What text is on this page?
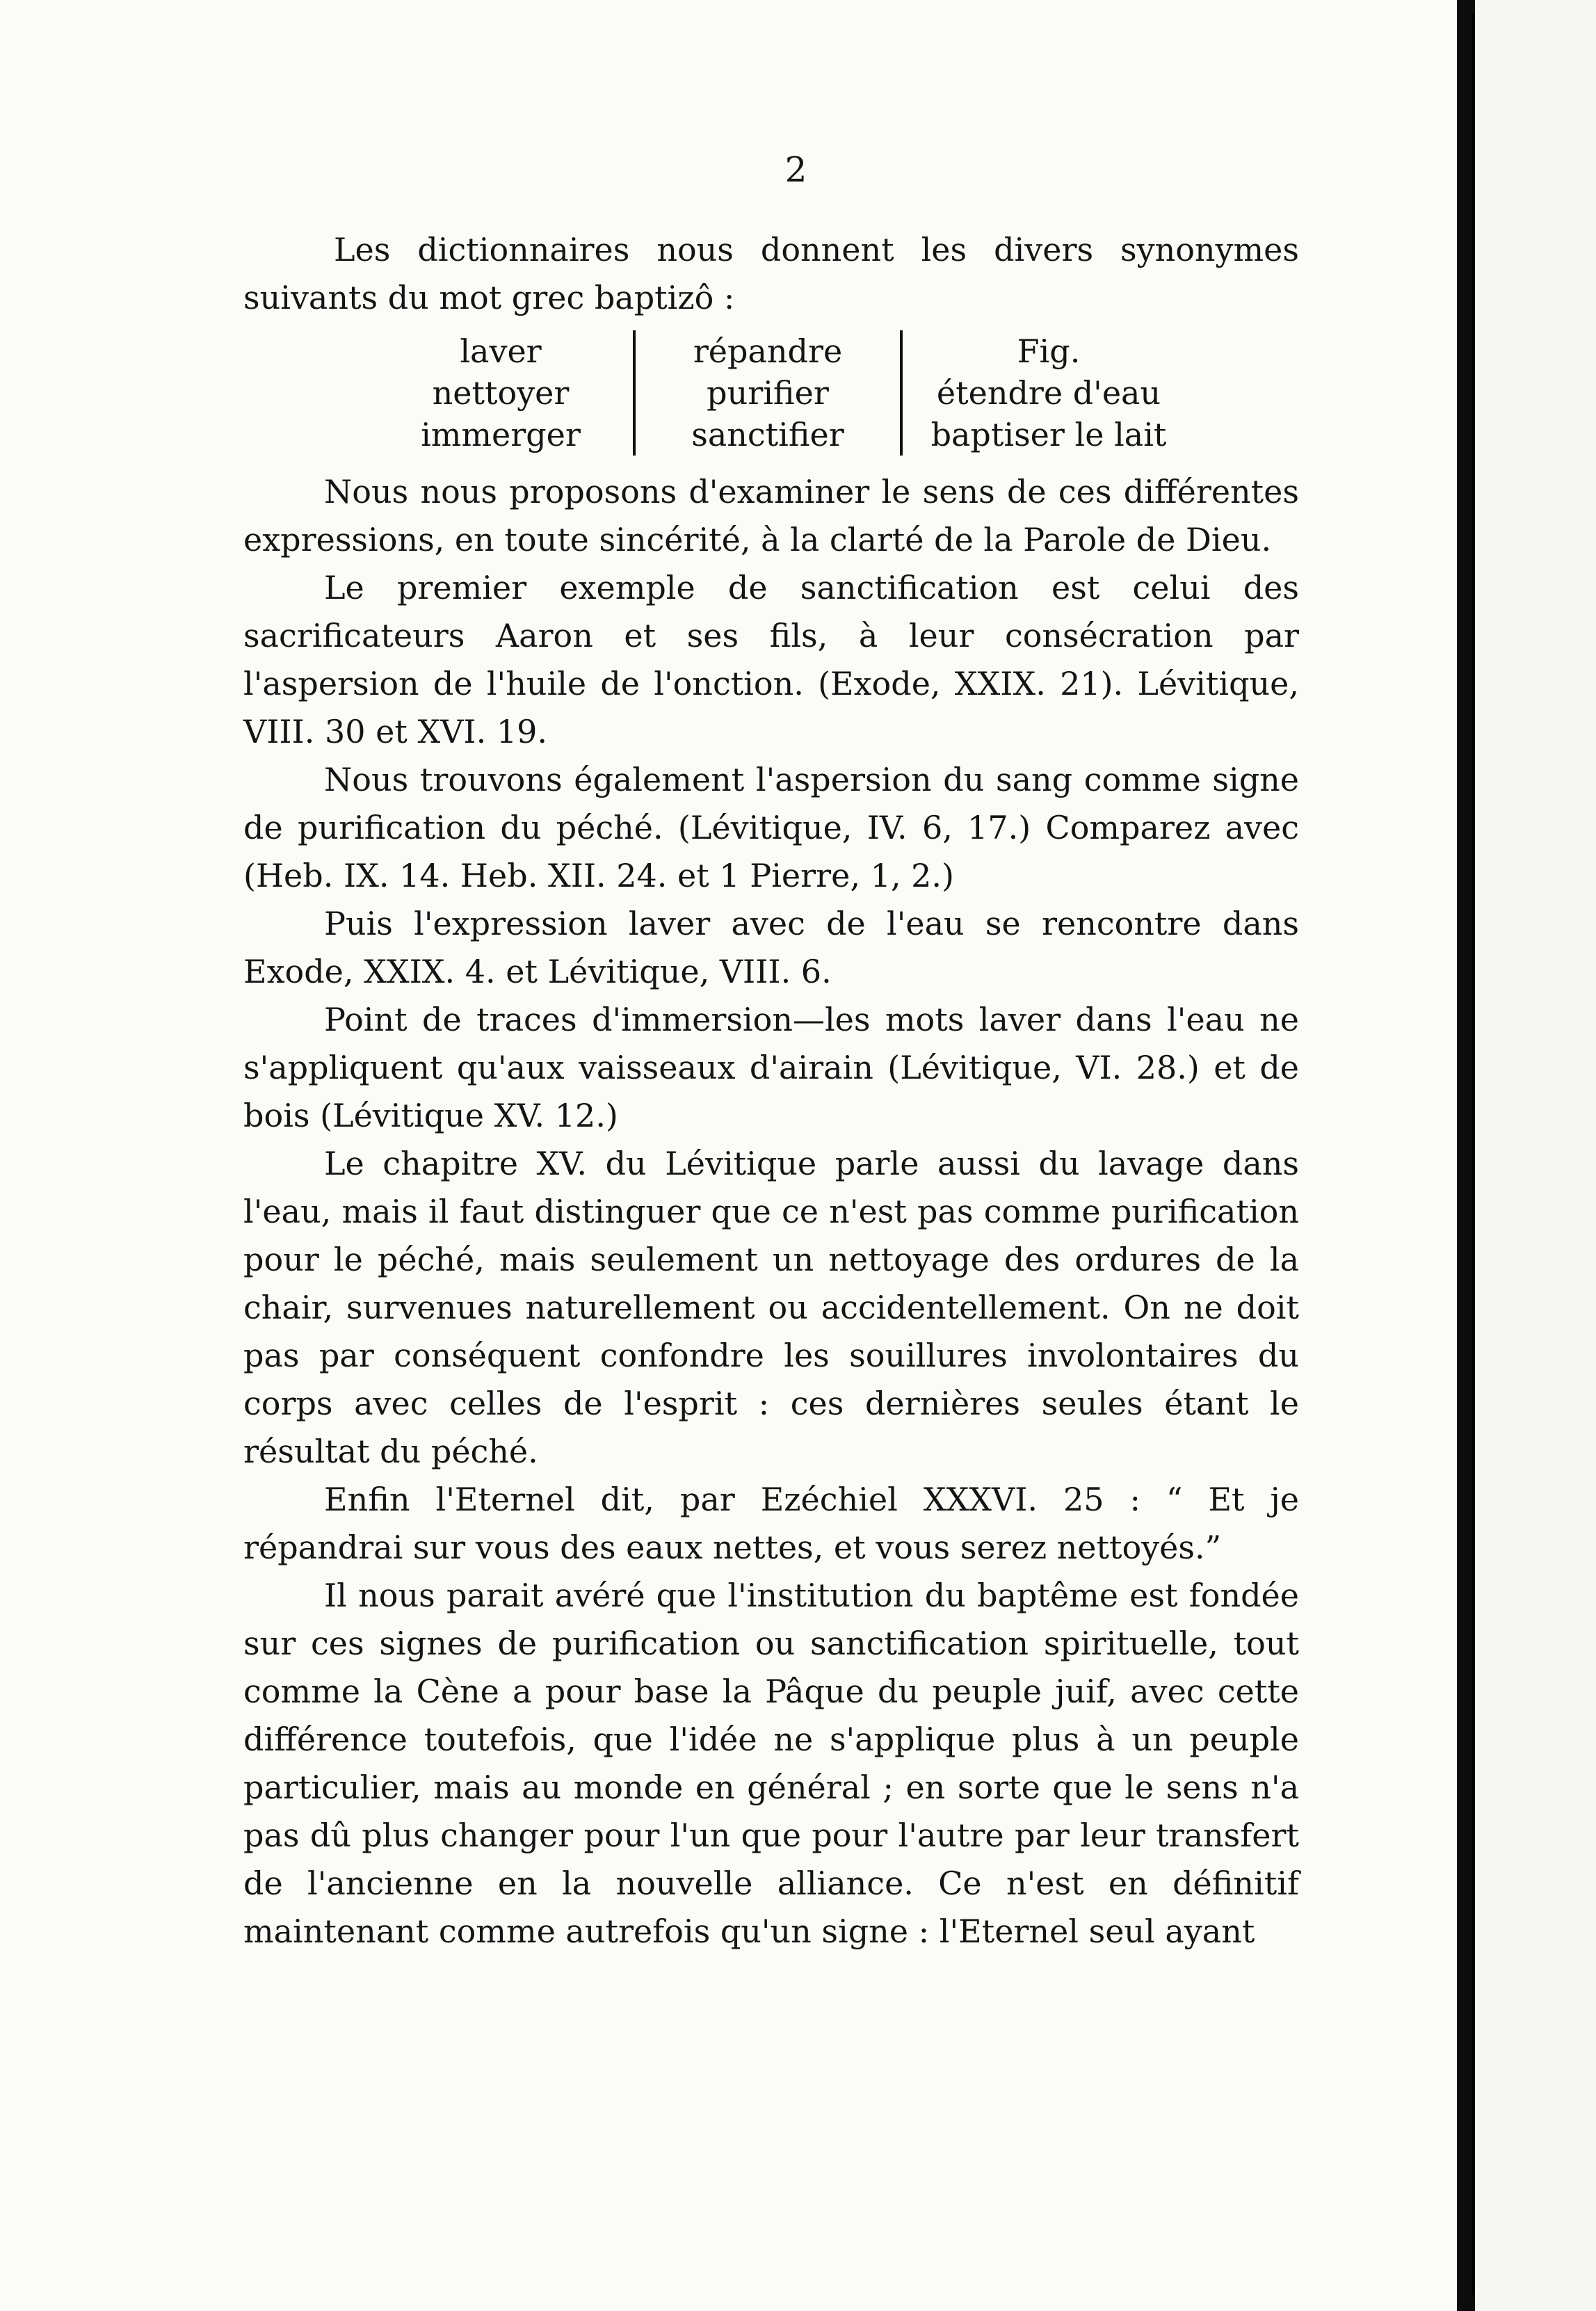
2

Les dictionnaires nous donnent les divers synonymes suivants du mot grec baptizô :

laver
nettoyer
immerger
répandre
purifier
sanctifier
Fig.
étendre d'eau
baptiser le lait

Nous nous proposons d'examiner le sens de ces différentes expressions, en toute sincérité, à la clarté de la Parole de Dieu.

Le premier exemple de sanctification est celui des sacrificateurs Aaron et ses fils, à leur consécration par l'aspersion de l'huile de l'onction. (Exode, XXIX. 21). Lévitique, VIII. 30 et XVI. 19.

Nous trouvons également l'aspersion du sang comme signe de purification du péché. (Lévitique, IV. 6, 17.) Comparez avec (Heb. IX. 14. Heb. XII. 24. et 1 Pierre, 1, 2.)

Puis l'expression laver avec de l'eau se rencontre dans Exode, XXIX. 4. et Lévitique, VIII. 6.

Point de traces d'immersion—les mots laver dans l'eau ne s'appliquent qu'aux vaisseaux d'airain (Lévitique, VI. 28.) et de bois (Lévitique XV. 12.)

Le chapitre XV. du Lévitique parle aussi du lavage dans l'eau, mais il faut distinguer que ce n'est pas comme purification pour le péché, mais seulement un nettoyage des ordures de la chair, survenues naturellement ou accidentellement. On ne doit pas par conséquent confondre les souillures involontaires du corps avec celles de l'esprit : ces dernières seules étant le résultat du péché.

Enfin l'Eternel dit, par Ezéchiel XXXVI. 25 : “ Et je répandrai sur vous des eaux nettes, et vous serez nettoyés.”

Il nous parait avéré que l'institution du baptême est fondée sur ces signes de purification ou sanctification spirituelle, tout comme la Cène a pour base la Pâque du peuple juif, avec cette différence toutefois, que l'idée ne s'applique plus à un peuple particulier, mais au monde en général ; en sorte que le sens n'a pas dû plus changer pour l'un que pour l'autre par leur transfert de l'ancienne en la nouvelle alliance. Ce n'est en définitif maintenant comme autrefois qu'un signe : l'Eternel seul ayant
